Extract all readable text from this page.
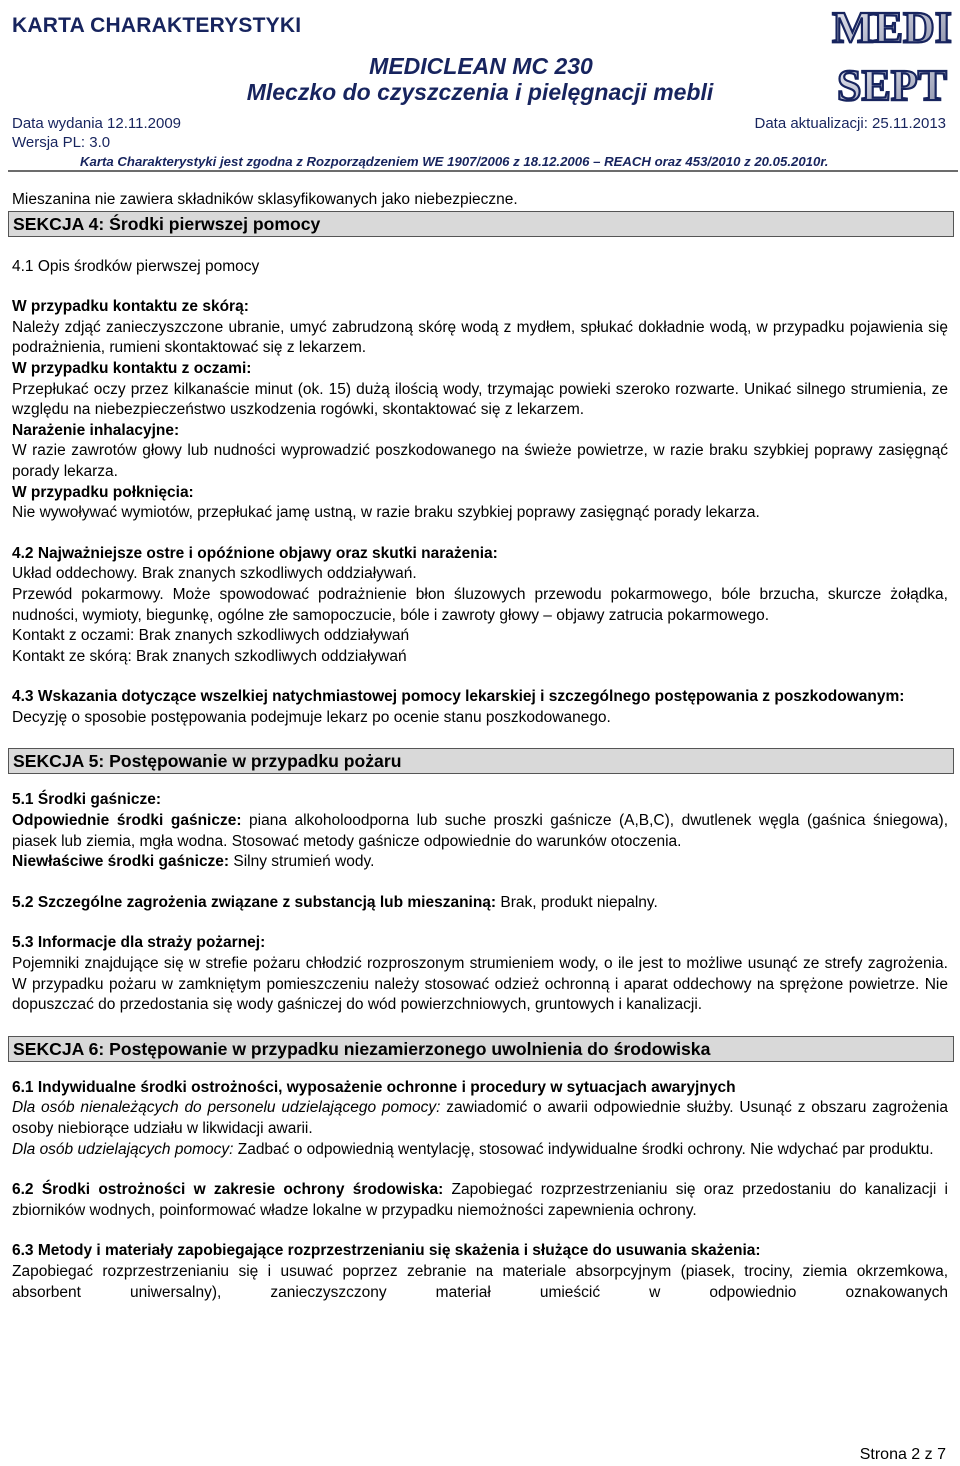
KARTA CHARAKTERYSTYKI	MEDI
SEPT
MEDICLEAN MC 230
Mleczko do czyszczenia i pielęgnacji mebli
Data wydania 12.11.2009	Data aktualizacji: 25.11.2013
Wersja PL: 3.0
Karta Charakterystyki jest zgodna z Rozporządzeniem WE 1907/2006 z 18.12.2006 – REACH oraz 453/2010 z 20.05.2010r.

Mieszanina nie zawiera składników sklasyfikowanych jako niebezpieczne.

SEKCJA 4: Środki pierwszej pomocy

4.1 Opis środków pierwszej pomocy

W przypadku kontaktu ze skórą:

Należy zdjąć zanieczyszczone ubranie, umyć zabrudzoną skórę wodą z mydłem, spłukać dokładnie wodą, w przypadku pojawienia się podrażnienia, rumieni skontaktować się z lekarzem.

W przypadku kontaktu z oczami:

Przepłukać oczy przez kilkanaście minut (ok. 15) dużą ilością wody, trzymając powieki szeroko rozwarte. Unikać silnego strumienia, ze względu na niebezpieczeństwo uszkodzenia rogówki, skontaktować się z lekarzem.

Narażenie inhalacyjne:

W razie zawrotów głowy lub nudności wyprowadzić poszkodowanego na świeże powietrze, w razie braku szybkiej poprawy zasięgnąć porady lekarza.

W przypadku połknięcia:

Nie wywoływać wymiotów, przepłukać jamę ustną, w razie braku szybkiej poprawy zasięgnąć porady lekarza.

4.2 Najważniejsze ostre i opóźnione objawy oraz skutki narażenia:

Układ oddechowy. Brak znanych szkodliwych oddziaływań.

Przewód pokarmowy. Może spowodować podrażnienie błon śluzowych przewodu pokarmowego, bóle brzucha, skurcze żołądka, nudności, wymioty, biegunkę, ogólne złe samopoczucie, bóle i zawroty głowy – objawy zatrucia pokarmowego.

Kontakt z oczami: Brak znanych szkodliwych oddziaływań

Kontakt ze skórą: Brak znanych szkodliwych oddziaływań

4.3 Wskazania dotyczące wszelkiej natychmiastowej pomocy lekarskiej i szczególnego postępowania z poszkodowanym:

Decyzję o sposobie postępowania podejmuje lekarz po ocenie stanu poszkodowanego.

SEKCJA 5: Postępowanie w przypadku pożaru

5.1 Środki gaśnicze:

Odpowiednie środki gaśnicze: piana alkoholoodporna lub suche proszki gaśnicze (A,B,C), dwutlenek węgla (gaśnica śniegowa), piasek lub ziemia, mgła wodna. Stosować metody gaśnicze odpowiednie do warunków otoczenia.

Niewłaściwe środki gaśnicze: Silny strumień wody.

5.2 Szczególne zagrożenia związane z substancją lub mieszaniną: Brak, produkt niepalny.

5.3 Informacje dla straży pożarnej:

Pojemniki znajdujące się w strefie pożaru chłodzić rozproszonym strumieniem wody, o ile jest to możliwe usunąć ze strefy zagrożenia. W przypadku pożaru w zamkniętym pomieszczeniu należy stosować odzież ochronną i aparat oddechowy na sprężone powietrze. Nie dopuszczać do przedostania się wody gaśniczej do wód powierzchniowych, gruntowych i kanalizacji.

SEKCJA 6: Postępowanie w przypadku niezamierzonego uwolnienia do środowiska

6.1 Indywidualne środki ostrożności, wyposażenie ochronne i procedury w sytuacjach awaryjnych

Dla osób nienależących do personelu udzielającego pomocy: zawiadomić o awarii odpowiednie służby. Usunąć z obszaru zagrożenia osoby niebiorące udziału w likwidacji awarii.

Dla osób udzielających pomocy: Zadbać o odpowiednią wentylację, stosować indywidualne środki ochrony. Nie wdychać par produktu.

6.2 Środki ostrożności w zakresie ochrony środowiska: Zapobiegać rozprzestrzenianiu się oraz przedostaniu do kanalizacji i zbiorników wodnych, poinformować władze lokalne w przypadku niemożności zapewnienia ochrony.

6.3 Metody i materiały zapobiegające rozprzestrzenianiu się skażenia i służące do usuwania skażenia:

Zapobiegać rozprzestrzenianiu się i usuwać poprzez zebranie na materiale absorpcyjnym (piasek, trociny, ziemia okrzemkowa, absorbent uniwersalny), zanieczyszczony materiał umieścić w odpowiednio oznakowanych

Strona 2 z 7
